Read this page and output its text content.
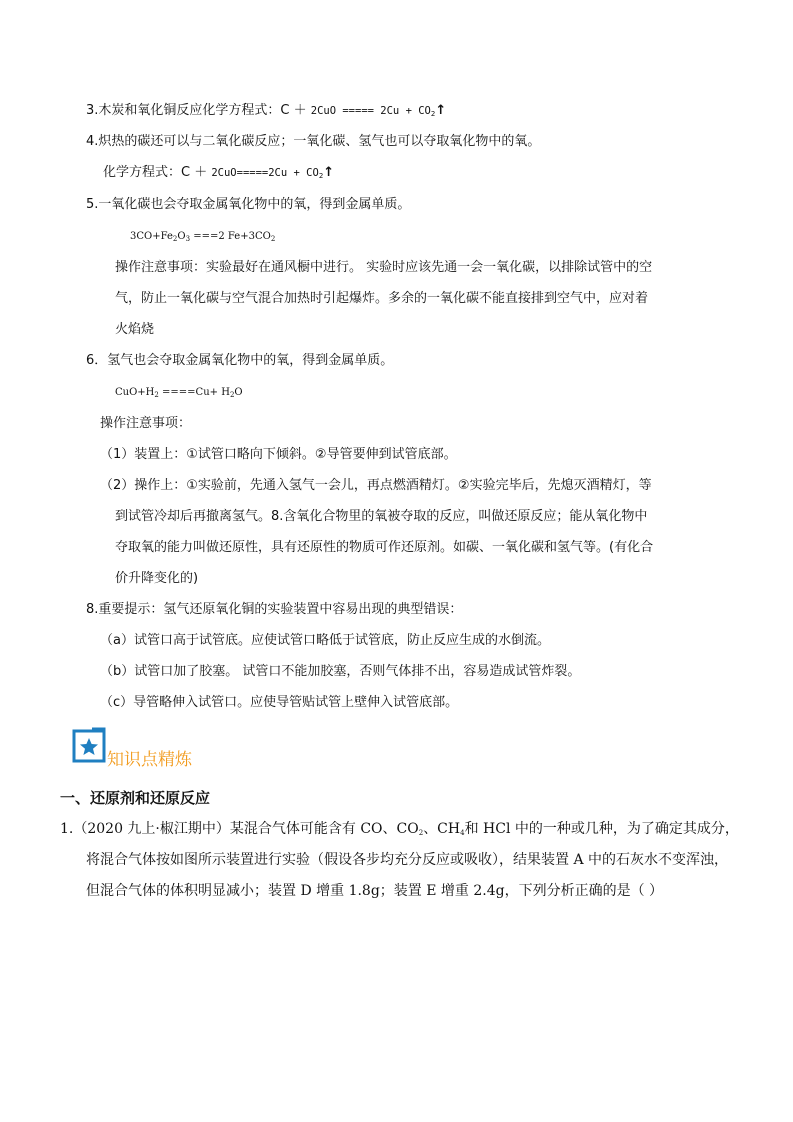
3.木炭和氧化铜反应化学方程式：C ＋ 2CuO ===== $2Cu + CO_2↑$
4.炽热的碳还可以与二氧化碳反应；一氧化碳、氢气也可以夺取氧化物中的氧。
化学方程式：$C + 2CuO=====2Cu + CO_2↑$
5.一氧化碳也会夺取金属氧化物中的氧，得到金属单质。
$3CO+Fe_2O_3 ===2$ $Fe+3CO_2$
操作注意事项：实验最好在通风橱中进行。 实验时应该先通一会一氧化碳，以排除试管中的空
气，防止一氧化碳与空气混合加热时引起爆炸。多余的一氧化碳不能直接排到空气中，应对着
火焰烧
6．氢气也会夺取金属氧化物中的氧，得到金属单质。
$CuO+H_2 ====Cu+ H_2O$
操作注意事项：
（1）装置上：①试管口略向下倾斜。②导管要伸到试管底部。
（2）操作上：①实验前，先通入氢气一会儿，再点燃酒精灯。②实验完毕后，先熄灭酒精灯，等
到试管冷却后再撤离氢气。8.含氧化合物里的氧被夺取的反应，叫做还原反应；能从氧化物中
夺取氧的能力叫做还原性，具有还原性的物质可作还原剂。如碳、一氧化碳和氢气等。(有化合
价升降变化的)
8.重要提示：氢气还原氧化铜的实验装置中容易出现的典型错误：
（a）试管口高于试管底。应使试管口略低于试管底，防止反应生成的水倒流。
（b）试管口加了胶塞。 试管口不能加胶塞，否则气体排不出，容易造成试管炸裂。
（c）导管略伸入试管口。应使导管贴试管上壁伸入试管底部。
知识点精炼
一、还原剂和还原反应
1.（2020 九上·椒江期中）某混合气体可能含有 CO、$CO_2$、$CH_4$和 HCl 中的一种或几种，为了确定其成分，
将混合气体按如图所示装置进行实验（假设各步均充分反应或吸收），结果装置 A 中的石灰水不变浑浊，
但混合气体的体积明显减小；装置 D 增重 1.8g；装置 E 增重 2.4g，下列分析正确的是（ ）
